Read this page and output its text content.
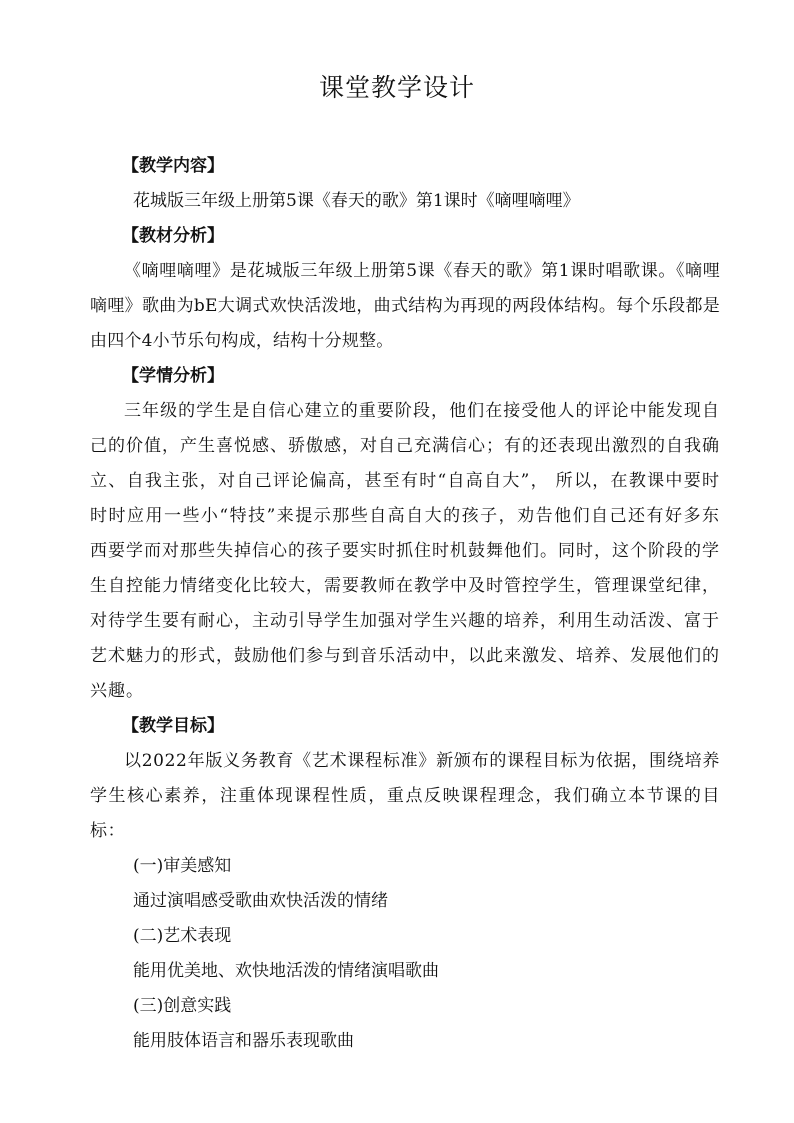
课堂教学设计
【教学内容】
花城版三年级上册第5课《春天的歌》第1课时《嘀哩嘀哩》
【教材分析】
《嘀哩嘀哩》是花城版三年级上册第5课《春天的歌》第1课时唱歌课。《嘀哩嘀哩》歌曲为bE大调式欢快活泼地，曲式结构为再现的两段体结构。每个乐段都是由四个4小节乐句构成，结构十分规整。
【学情分析】
三年级的学生是自信心建立的重要阶段，他们在接受他人的评论中能发现自己的价值，产生喜悦感、骄傲感，对自己充满信心；有的还表现出激烈的自我确立、自我主张，对自己评论偏高，甚至有时“自高自大”， 所以，在教课中要时时时应用一些小“特技”来提示那些自高自大的孩子，劝告他们自己还有好多东西要学而对那些失掉信心的孩子要实时抓住时机鼓舞他们。同时，这个阶段的学生自控能力情绪变化比较大，需要教师在教学中及时管控学生，管理课堂纪律，对待学生要有耐心，主动引导学生加强对学生兴趣的培养，利用生动活泼、富于艺术魅力的形式，鼓励他们参与到音乐活动中，以此来激发、培养、发展他们的兴趣。
【教学目标】
以2022年版义务教育《艺术课程标准》新颁布的课程目标为依据，围绕培养学生核心素养，注重体现课程性质，重点反映课程理念，我们确立本节课的目标：
(一)审美感知
通过演唱感受歌曲欢快活泼的情绪
(二)艺术表现
能用优美地、欢快地活泼的情绪演唱歌曲
(三)创意实践
能用肢体语言和器乐表现歌曲
